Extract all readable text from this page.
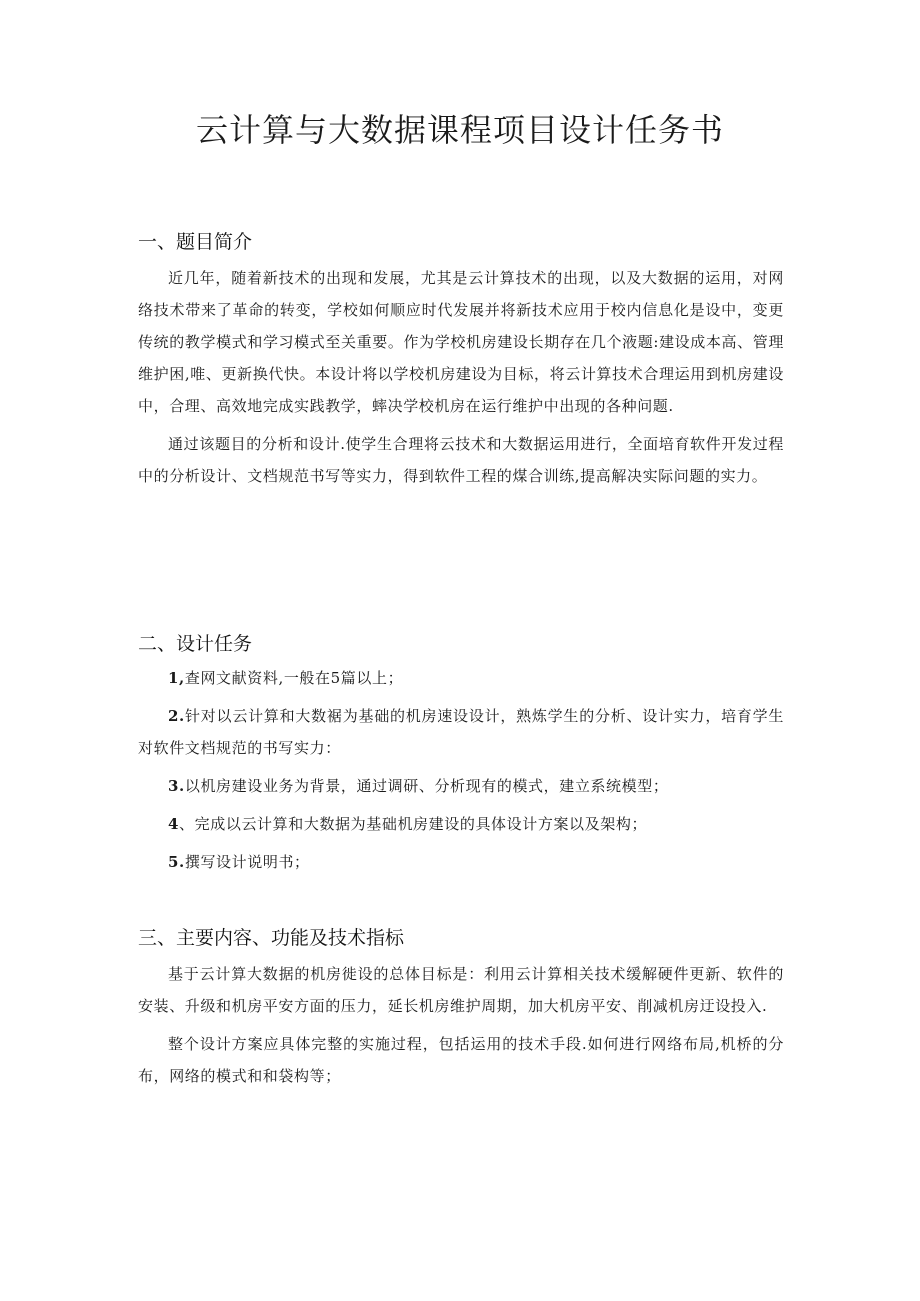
云计算与大数据课程项目设计任务书
一、题目简介

近几年，随着新技术的出现和发展，尤其是云计算技术的出现，以及大数据的运用，对网络技术带来了革命的转变，学校如何顺应时代发展并将新技术应用于校内信息化是设中，变更传统的教学模式和学习模式至关重要。作为学校机房建设长期存在几个液题:建设成本高、管理维护困,唯、更新换代快。本设计将以学校机房建设为目标，将云计算技术合理运用到机房建设中，合理、高效地完成实践教学，蟀决学校机房在运行维护中出现的各种问题.

通过该题目的分析和设计.使学生合理将云技术和大数据运用进行，全面培育软件开发过程中的分析设计、文档规范书写等实力，得到软件工程的煤合训练,提高解决实际问题的实力。

二、设计任务

1,查网文献资料,一般在5篇以上；

2.针对以云计算和大数裾为基础的机房速设设计，熟炼学生的分析、设计实力，培育学生对软件文档规范的书写实力：

3.以机房建设业务为背景，通过调研、分析现有的模式，建立系统模型；

4、完成以云计算和大数据为基础机房建设的具体设计方案以及架构；

5.撰写设计说明书；

三、主要内容、功能及技术指标

基于云计算大数据的机房徙设的总体目标是：利用云计算相关技术缓解硬件更新、软件的安装、升级和机房平安方面的压力，延长机房维护周期，加大机房平安、削减机房迂设投入.

整个设计方案应具体完整的实施过程，包括运用的技术手段.如何进行网络布局,机桥的分布，网络的模式和和袋构等；
